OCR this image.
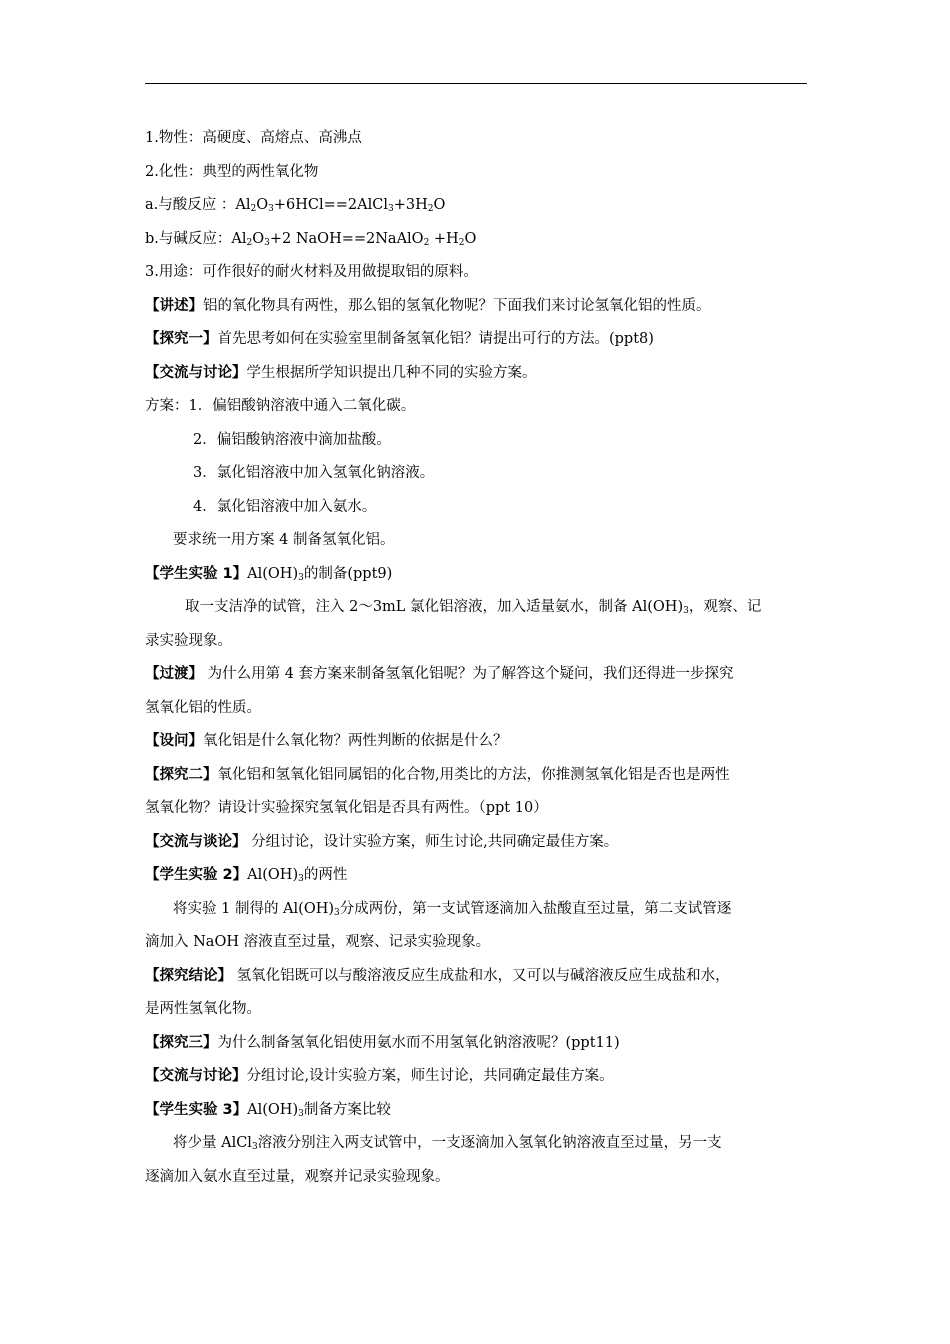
1.物性：高硬度、高熔点、高沸点
2.化性：典型的两性氧化物
a.与酸反应 ：$Al_2O_3+6HCl==2AlCl_3+3H_2O$
b.与碱反应：$Al_2O_3+2$ NaOH==2NaAlO$_2$ $+H_2O$
3.用途：可作很好的耐火材料及用做提取铝的原料。
【讲述】铝的氧化物具有两性，那么铝的氢氧化物呢？下面我们来讨论氢氧化铝的性质。
【探究一】首先思考如何在实验室里制备氢氧化铝？请提出可行的方法。(ppt8)
【交流与讨论】学生根据所学知识提出几种不同的实验方案。
方案：1．偏铝酸钠溶液中通入二氧化碳。
2．偏铝酸钠溶液中滴加盐酸。
3．氯化铝溶液中加入氢氧化钠溶液。
4．氯化铝溶液中加入氨水。
要求统一用方案 4 制备氢氧化铝。
【学生实验 1】$Al(OH)_3$的制备(ppt9)
取一支洁净的试管，注入 2～3mL 氯化铝溶液，加入适量氨水，制备 $Al(OH)_3$，观察、记
录实验现象。
【过渡】 为什么用第 4 套方案来制备氢氧化铝呢？为了解答这个疑问，我们还得进一步探究
氢氧化铝的性质。
【设问】氧化铝是什么氧化物？两性判断的依据是什么？
【探究二】氧化铝和氢氧化铝同属铝的化合物,用类比的方法，你推测氢氧化铝是否也是两性
氢氧化物？请设计实验探究氢氧化铝是否具有两性。（ppt 10）
【交流与谈论】 分组讨论，设计实验方案，师生讨论,共同确定最佳方案。
【学生实验 2】$Al(OH)_3$的两性
将实验 1 制得的 $Al(OH)_3$分成两份，第一支试管逐滴加入盐酸直至过量，第二支试管逐
滴加入 NaOH 溶液直至过量，观察、记录实验现象。
【探究结论】 氢氧化铝既可以与酸溶液反应生成盐和水，又可以与碱溶液反应生成盐和水，
是两性氢氧化物。
【探究三】为什么制备氢氧化铝使用氨水而不用氢氧化钠溶液呢？(ppt11)
【交流与讨论】分组讨论,设计实验方案，师生讨论，共同确定最佳方案。
【学生实验 3】$Al(OH)_3$制备方案比较
将少量 AlCl$_3$溶液分别注入两支试管中，一支逐滴加入氢氧化钠溶液直至过量，另一支
逐滴加入氨水直至过量，观察并记录实验现象。
